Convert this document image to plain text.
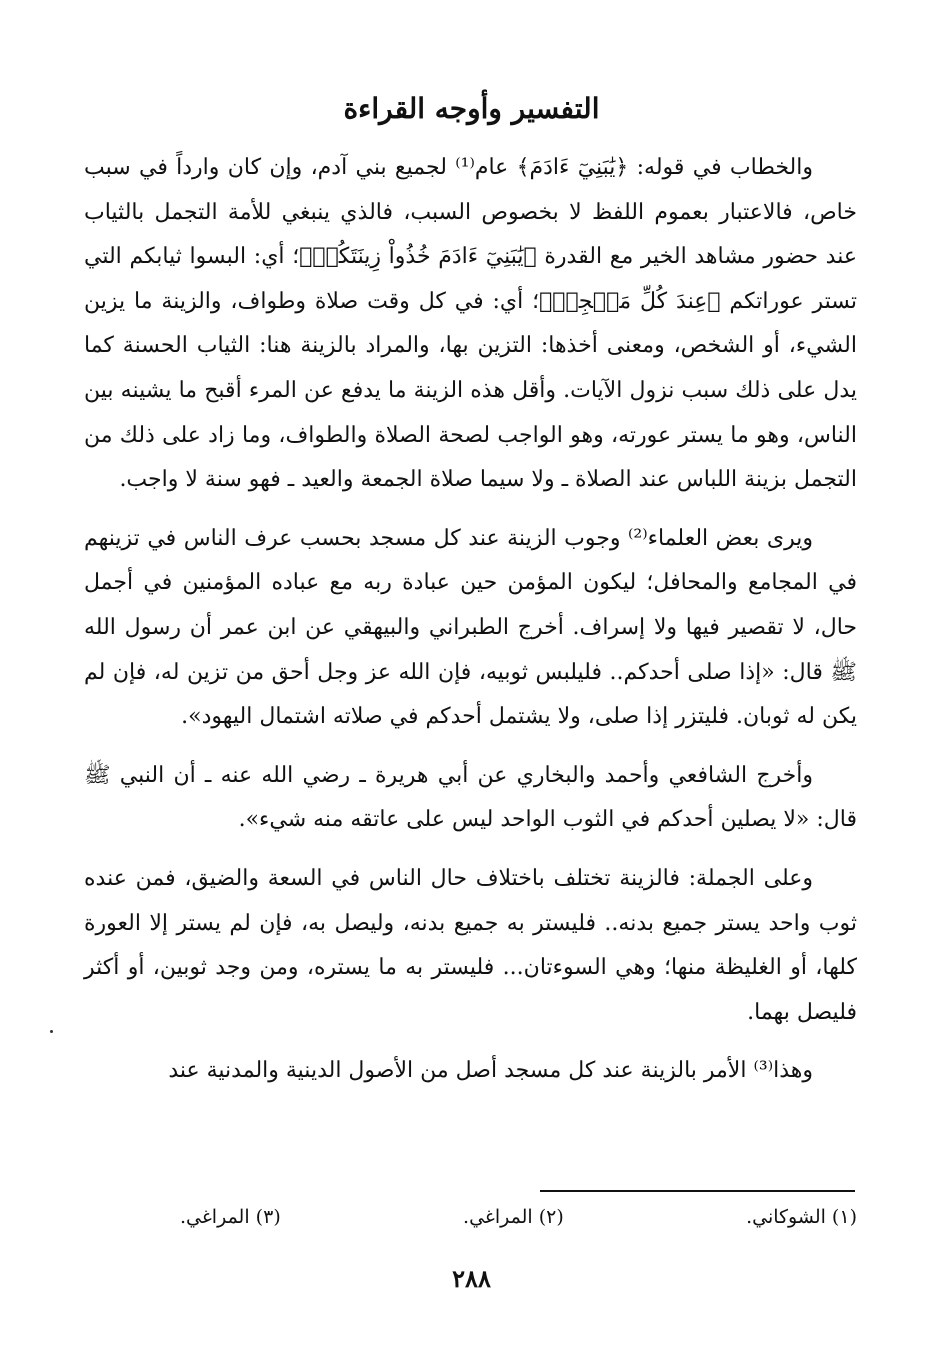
التفسير وأوجه القراءة

والخطاب في قوله: ﴿يَٰبَنِيٓ ءَادَمَ﴾ عام⁽¹⁾ لجميع بني آدم، وإن كان وارداً في سبب خاص، فالاعتبار بعموم اللفظ لا بخصوص السبب، فالذي ينبغي للأمة التجمل بالثياب عند حضور مشاهد الخير مع القدرة ﴿يَٰبَنِيٓ ءَادَمَ خُذُواْ زِينَتَكُمۡ﴾؛ أي: البسوا ثيابكم التي تستر عوراتكم ﴿عِندَ كُلِّ مَسۡجِدٖ﴾؛ أي: في كل وقت صلاة وطواف، والزينة ما يزين الشيء، أو الشخص، ومعنى أخذها: التزين بها، والمراد بالزينة هنا: الثياب الحسنة كما يدل على ذلك سبب نزول الآيات. وأقل هذه الزينة ما يدفع عن المرء أقبح ما يشينه بين الناس، وهو ما يستر عورته، وهو الواجب لصحة الصلاة والطواف، وما زاد على ذلك من التجمل بزينة اللباس عند الصلاة ـ ولا سيما صلاة الجمعة والعيد ـ فهو سنة لا واجب.

ويرى بعض العلماء⁽²⁾ وجوب الزينة عند كل مسجد بحسب عرف الناس في تزينهم في المجامع والمحافل؛ ليكون المؤمن حين عبادة ربه مع عباده المؤمنين في أجمل حال، لا تقصير فيها ولا إسراف. أخرج الطبراني والبيهقي عن ابن عمر أن رسول الله ﷺ قال: «إذا صلى أحدكم.. فليلبس ثوبيه، فإن الله عز وجل أحق من تزين له، فإن لم يكن له ثوبان. فليتزر إذا صلى، ولا يشتمل أحدكم في صلاته اشتمال اليهود».

وأخرج الشافعي وأحمد والبخاري عن أبي هريرة ـ رضي الله عنه ـ أن النبي ﷺ قال: «لا يصلين أحدكم في الثوب الواحد ليس على عاتقه منه شيء».

وعلى الجملة: فالزينة تختلف باختلاف حال الناس في السعة والضيق، فمن عنده ثوب واحد يستر جميع بدنه.. فليستر به جميع بدنه، وليصل به، فإن لم يستر إلا العورة كلها، أو الغليظة منها؛ وهي السوءتان... فليستر به ما يستره، ومن وجد ثوبين، أو أكثر فليصل بهما.

وهذا⁽³⁾ الأمر بالزينة عند كل مسجد أصل من الأصول الدينية والمدنية عند

(١) الشوكاني.
(٢) المراغي.
(٣) المراغي.
٢٨٨
